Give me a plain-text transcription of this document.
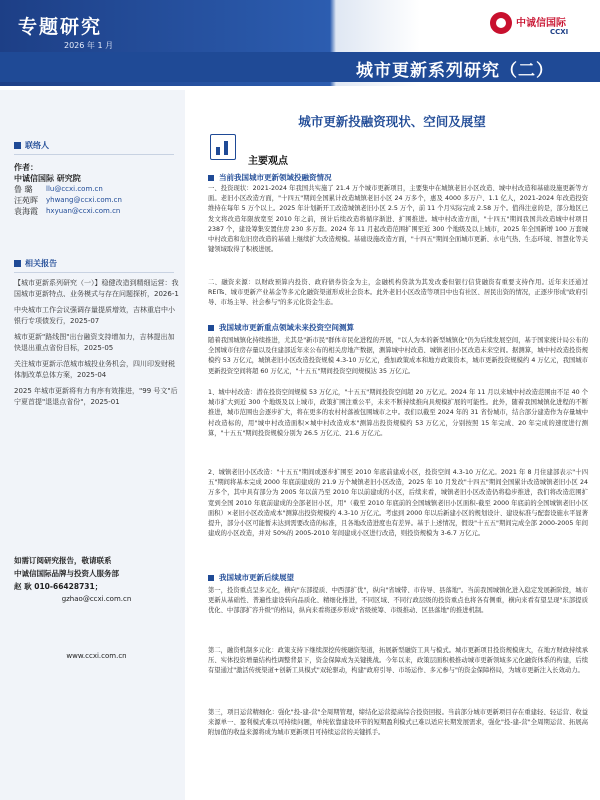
专题研究
2026 年 1 月
中诚信国际
CCXI
城市更新系列研究（二）
联络人
作者：
中诚信国际 研究院
鲁 璐	llu@ccxi.com.cn
汪苑晖 yhwang@ccxi.com.cn
袁海霞 hxyuan@ccxi.com.cn
相关报告

【城市更新系列研究（一）】稳健改造到精细运营：我国城市更新特点、业务模式与存在问题探析，2026-1

中央城市工作会议强调存量提质增效，吉林重启中小银行专项债发行，2025-07

城市更新"路线图"出台融资支持增加力，吉林提出加快退出重点省份目标，2025-05

关注城市更新示范城市城投业务机会，四川印发财税体制改革总体方案，2025-04

2025 年城市更新将有力有序有效推进，"99 号文"后宁夏首提"退退点省份"，2025-01

如需订阅研究报告，敬请联系
中诚信国际品牌与投资人服务部
赵 耿 010-66428731；
gzhao@ccxi.com.cn
www.ccxi.com.cn
城市更新投融资现状、空间及展望
主要观点
当前我国城市更新领域投融资情况
一、投资现状：2021-2024 年我国共实施了 21.4 万个城市更新项目，主要集中在城镇老旧小区改造、城中村改造和基础设施更新等方面。老旧小区改造方面，"十四五"期间全国累计改造城镇老旧小区 24 万多个，惠及 4000 多万户、1.1 亿人，2021-2024 年改造投资维持在每年 5 万个以上。2025 年计划新开工改造城镇老旧小区 2.5 万个，前 11 个月实际完成 2.58 万个。值得注意的是，部分地区已发文将改造年限放宽至 2010 年之前，预计后续改造将循序渐进、扩围推进。城中村改造方面，"十四五"期间我国共改造城中村项目 2387 个，建设筹集安置住房 230 多万套。2024 年 11 月起改造范围扩围至近 300 个地级及以上城市，2025 年全国新增 100 万套城中村改造和危旧房改造的基础上继续扩大改造规模。基础设施改造方面，"十四五"期间全面城市更新、水电气热、生态环境、智慧化等关键领域取得了积极进展。
二、融资来源：以财政预算内投资、政府债券资金为主，金融机构贷款为其发改委但银行信贷融资有重要支持作用。近年来还通过 REITs、城市更新产业基金等多元化融资渠道形成社会资本。此外老旧小区改造等项目中也有社区、居民出资的情况，正逐步形成"政府引导、市场主导、社会参与"的多元化资金生态。
我国城市更新重点领域未来投资空间测算
随着我国城镇化持续推进，尤其是"新市民"群体市民化进程的开展，"以人为本的新型城镇化"仍为后续发展空间，基于国家统计局公布的全国城市住房存量以及住建部近年来公布的相关房地产数据，测算城中村改造、城镇老旧小区改造未来空间。据测算，城中村改造投资规模约 53 万亿元，城镇老旧小区改造投资规模 4.3-10 万亿元，叠加政策成本和地方政策资本，城市更新投资规模约 4 万亿元，我国城市更新投资空间将超 60 万亿元，"十五五"期间投资空间规模达 35 万亿元。
1、城中村改造：潜在投资空间规模 53 万亿元，"十五五"期间投资空间超 20 万亿元。2024 年 11 月以来城中村改造范围由不足 40 个城市扩大到近 300 个地级及以上城市，政策扩围注重公平，未来不断持续推向具规模扩展的可能性。此外，随着我国城镇化进程的不断推进，城市范围也会逐步扩大，将在更多的农村村落被包围城市之中。我们以截至 2024 年的 31 省份城市，结合部分建造作为存量城中村改造标的，用"城中村改造面积×城中村改造成本"测算出投资规模约 53 万亿元，分别按照 15 年完成、20 年完成的速度进行测算，"十五五"期间投资规模分别为 26.5 万亿元、21.6 万亿元。
2、城镇老旧小区改造："十五五"期间或逐步扩围至 2010 年底前建成小区，投资空间 4.3-10 万亿元。2021 年 8 月住建部表示"十四五"期间将基本完成 2000 年底前建成的 21.9 万个城镇老旧小区改造，2025 年 10 月发改"十四五"期间全国累计改造城镇老旧小区 24 万多个，其中具有部分为 2005 年以前乃至 2010 年以前建成的小区，后续来看，城镇老旧小区改造仍将稳步推进，我们将改造范围扩宽到全国 2010 年底前建成的全部老旧小区，用"（截至 2010 年底前的全国城镇老旧小区面积-截至 2000 年底前的全国城镇老旧小区面积）×老旧小区改造成本"测算出投资规模约 4.3-10 万亿元。考虑到 2000 年以后新建小区的规划设计、建设标准与配套设施水平显著提升，部分小区可能暂未达到需要改造的标准，且各地改造进度也有差异。基于上述情况，假设"十五五"期间完成全部 2000-2005 年间建成的小区改造，并对 50%的 2005-2010 年间建成小区进行改造，则投资规模为 3-6.7 万亿元。
我国城市更新后续展望
第一，投资重点呈多元化，横向"东部提质、中西部扩优"，纵向"省城带、市侍导、县落地"。当前我国城镇化进入稳定发展新阶段，城市更新从基础性、普遍性建设转向品质化、精细化推进，不同区域、不同行政层级的投资重点也将各有侧重，横向来看有望呈现"东部提质优化、中部部扩容升级"的格局，纵向来看将逐步形成"省级统筹、市级推动、区县落地"的推进机制。
第二，融资机制多元化：政策支持下继续深挖传统融资渠道，拓展新型融资工具与模式。城市更新项目投资规模庞大，在地方财政持续承压、实体投资增量结构性调整背景下，资金保障成为关键挑战。今年以来，政策层面积极推动城市更新领域多元化融资体系的构建，后续有望通过"激活传统渠道+创新工具模式"双轮驱动，构建"政府引导、市场运作、多元参与"的资金保障格局，为城市更新注入长效动力。
第三，项目运营精细化：强化"投-建-营"全周期管理，缔结化运营提高综合投资回报。当前部分城市更新项目存在重建轻、轻运营、收益来源单一、盈利模式难以可持续问题，单纯依靠建设环节的短期盈利模式已难以适应长期发展需求，强化"投-建-营"全周期运营、拓展高附加值的收益来源将成为城市更新项目可持续运营的关键抓手。
